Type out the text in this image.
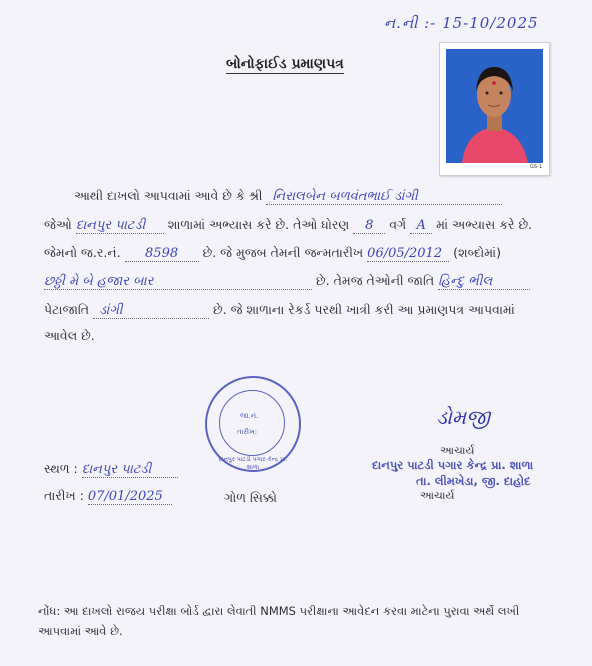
ન.ની :- 15-10/2025
બોનોફાઈડ પ્રમાણપત્ર
GS-1
આથી દાખલો આપવામાં આવે છે કે શ્રી નિરાલબેન બળવંતભાઈ ડાંગી
જેઓ દાનપુર પાટડી શાળામાં અભ્યાસ કરે છે. તેઓ ધોરણ 8 વર્ગ A માં અભ્યાસ કરે છે.
જેમનો જ.ર.નં. 8598 છે. જે મુજબ તેમની જન્મતારીખ 06/05/2012 (શબ્દોમાં)
છઠ્ઠી મે બે હજાર બાર	છે. તેમજ તેઓની જાતિ હિન્દુ ભીલ
પેટાજાતિ ડાંગી	છે. જે શાળાના રેકર્ડ પરથી ખાત્રી કરી આ પ્રમાણપત્ર આપવામાં
આવેલ છે.
જા.નં.
તારીખ:
દાનપુર પાટડી પગાર કેન્દ્ર પ્રા. શાળા
ડોમજી
આચાર્ય
દાનપુર પાટડી પગાર કેન્દ્ર પ્રા. શાળા
તા. લીમખેડા, જી. દાહોદ
આચાર્ય
સ્થળ : દાનપુર પાટડી
તારીખ : 07/01/2025	ગોળ સિક્કો
નોંધ: આ દાખલો રાજય પરીક્ષા બોર્ડ દ્વારા લેવાતી NMMS પરીક્ષાના આવેદન કરવા માટેના પુરાવા અર્થે લખી
આપવામાં આવે છે.
